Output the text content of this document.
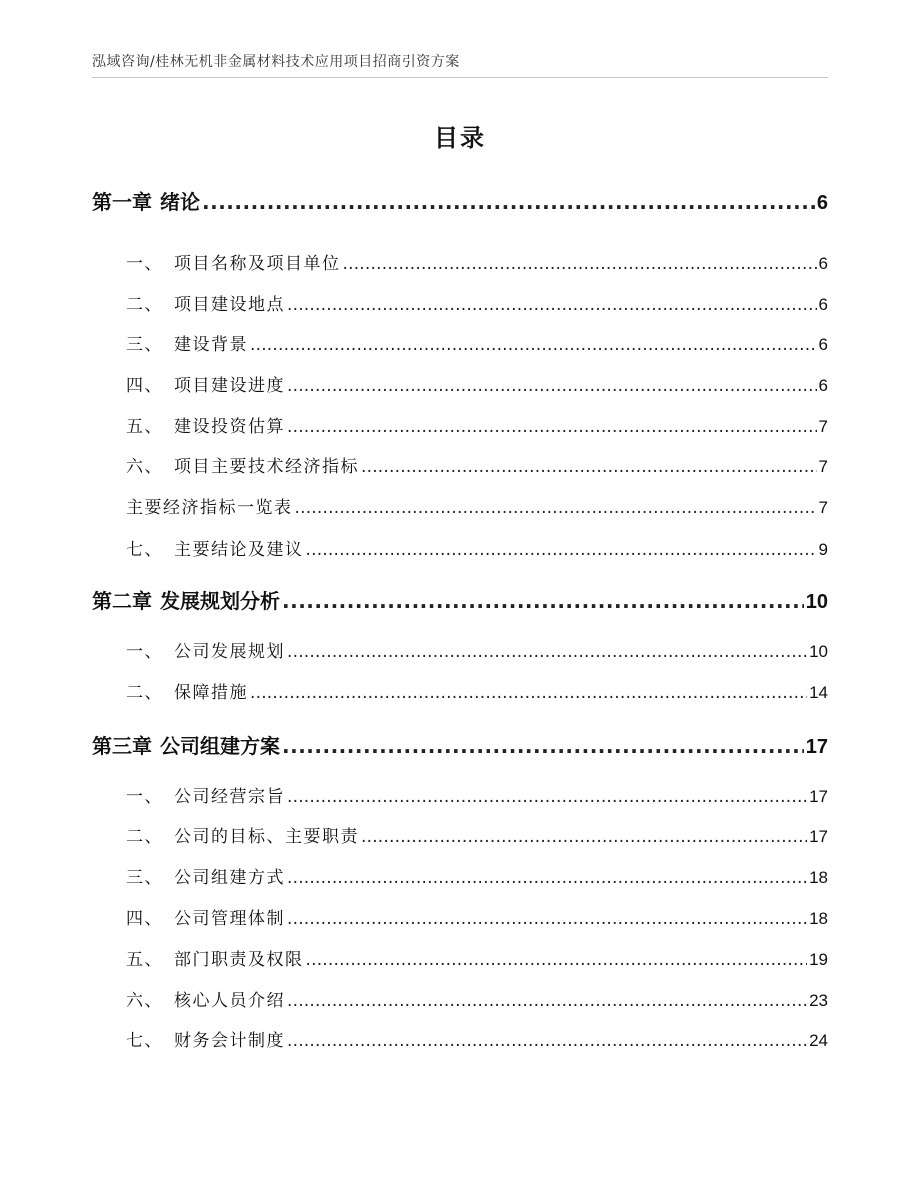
泓域咨询/桂林无机非金属材料技术应用项目招商引资方案
目录
第一章 绪论 .....	6
一、 项目名称及项目单位 .....	6
二、 项目建设地点 .....	6
三、 建设背景 .....	6
四、 项目建设进度 .....	6
五、 建设投资估算 .....	7
六、 项目主要技术经济指标 .....	7
主要经济指标一览表 .....	7
七、 主要结论及建议 .....	9
第二章 发展规划分析 .....	10
一、 公司发展规划 .....	10
二、 保障措施 .....	14
第三章 公司组建方案 .....	17
一、 公司经营宗旨 .....	17
二、 公司的目标、主要职责 .....	17
三、 公司组建方式 .....	18
四、 公司管理体制 .....	18
五、 部门职责及权限 .....	19
六、 核心人员介绍 .....	23
七、 财务会计制度 .....	24
